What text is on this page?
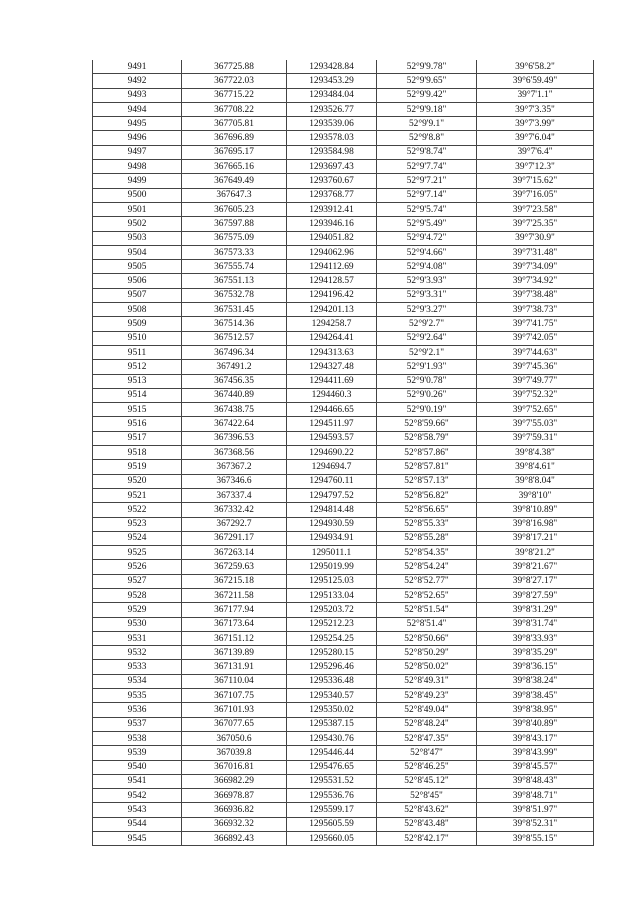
9491	367725.88	1293428.84	52°9'9.78"	39°6'58.2"
9492	367722.03	1293453.29	52°9'9.65"	39°6'59.49"
9493	367715.22	1293484.04	52°9'9.42"	39°7'1.1"
9494	367708.22	1293526.77	52°9'9.18"	39°7'3.35"
9495	367705.81	1293539.06	52°9'9.1"	39°7'3.99"
9496	367696.89	1293578.03	52°9'8.8"	39°7'6.04"
9497	367695.17	1293584.98	52°9'8.74"	39°7'6.4"
9498	367665.16	1293697.43	52°9'7.74"	39°7'12.3"
9499	367649.49	1293760.67	52°9'7.21"	39°7'15.62"
9500	367647.3	1293768.77	52°9'7.14"	39°7'16.05"
9501	367605.23	1293912.41	52°9'5.74"	39°7'23.58"
9502	367597.88	1293946.16	52°9'5.49"	39°7'25.35"
9503	367575.09	1294051.82	52°9'4.72"	39°7'30.9"
9504	367573.33	1294062.96	52°9'4.66"	39°7'31.48"
9505	367555.74	1294112.69	52°9'4.08"	39°7'34.09"
9506	367551.13	1294128.57	52°9'3.93"	39°7'34.92"
9507	367532.78	1294196.42	52°9'3.31"	39°7'38.48"
9508	367531.45	1294201.13	52°9'3.27"	39°7'38.73"
9509	367514.36	1294258.7	52°9'2.7"	39°7'41.75"
9510	367512.57	1294264.41	52°9'2.64"	39°7'42.05"
9511	367496.34	1294313.63	52°9'2.1"	39°7'44.63"
9512	367491.2	1294327.48	52°9'1.93"	39°7'45.36"
9513	367456.35	1294411.69	52°9'0.78"	39°7'49.77"
9514	367440.89	1294460.3	52°9'0.26"	39°7'52.32"
9515	367438.75	1294466.65	52°9'0.19"	39°7'52.65"
9516	367422.64	1294511.97	52°8'59.66"	39°7'55.03"
9517	367396.53	1294593.57	52°8'58.79"	39°7'59.31"
9518	367368.56	1294690.22	52°8'57.86"	39°8'4.38"
9519	367367.2	1294694.7	52°8'57.81"	39°8'4.61"
9520	367346.6	1294760.11	52°8'57.13"	39°8'8.04"
9521	367337.4	1294797.52	52°8'56.82"	39°8'10"
9522	367332.42	1294814.48	52°8'56.65"	39°8'10.89"
9523	367292.7	1294930.59	52°8'55.33"	39°8'16.98"
9524	367291.17	1294934.91	52°8'55.28"	39°8'17.21"
9525	367263.14	1295011.1	52°8'54.35"	39°8'21.2"
9526	367259.63	1295019.99	52°8'54.24"	39°8'21.67"
9527	367215.18	1295125.03	52°8'52.77"	39°8'27.17"
9528	367211.58	1295133.04	52°8'52.65"	39°8'27.59"
9529	367177.94	1295203.72	52°8'51.54"	39°8'31.29"
9530	367173.64	1295212.23	52°8'51.4"	39°8'31.74"
9531	367151.12	1295254.25	52°8'50.66"	39°8'33.93"
9532	367139.89	1295280.15	52°8'50.29"	39°8'35.29"
9533	367131.91	1295296.46	52°8'50.02"	39°8'36.15"
9534	367110.04	1295336.48	52°8'49.31"	39°8'38.24"
9535	367107.75	1295340.57	52°8'49.23"	39°8'38.45"
9536	367101.93	1295350.02	52°8'49.04"	39°8'38.95"
9537	367077.65	1295387.15	52°8'48.24"	39°8'40.89"
9538	367050.6	1295430.76	52°8'47.35"	39°8'43.17"
9539	367039.8	1295446.44	52°8'47"	39°8'43.99"
9540	367016.81	1295476.65	52°8'46.25"	39°8'45.57"
9541	366982.29	1295531.52	52°8'45.12"	39°8'48.43"
9542	366978.87	1295536.76	52°8'45"	39°8'48.71"
9543	366936.82	1295599.17	52°8'43.62"	39°8'51.97"
9544	366932.32	1295605.59	52°8'43.48"	39°8'52.31"
9545	366892.43	1295660.05	52°8'42.17"	39°8'55.15"
